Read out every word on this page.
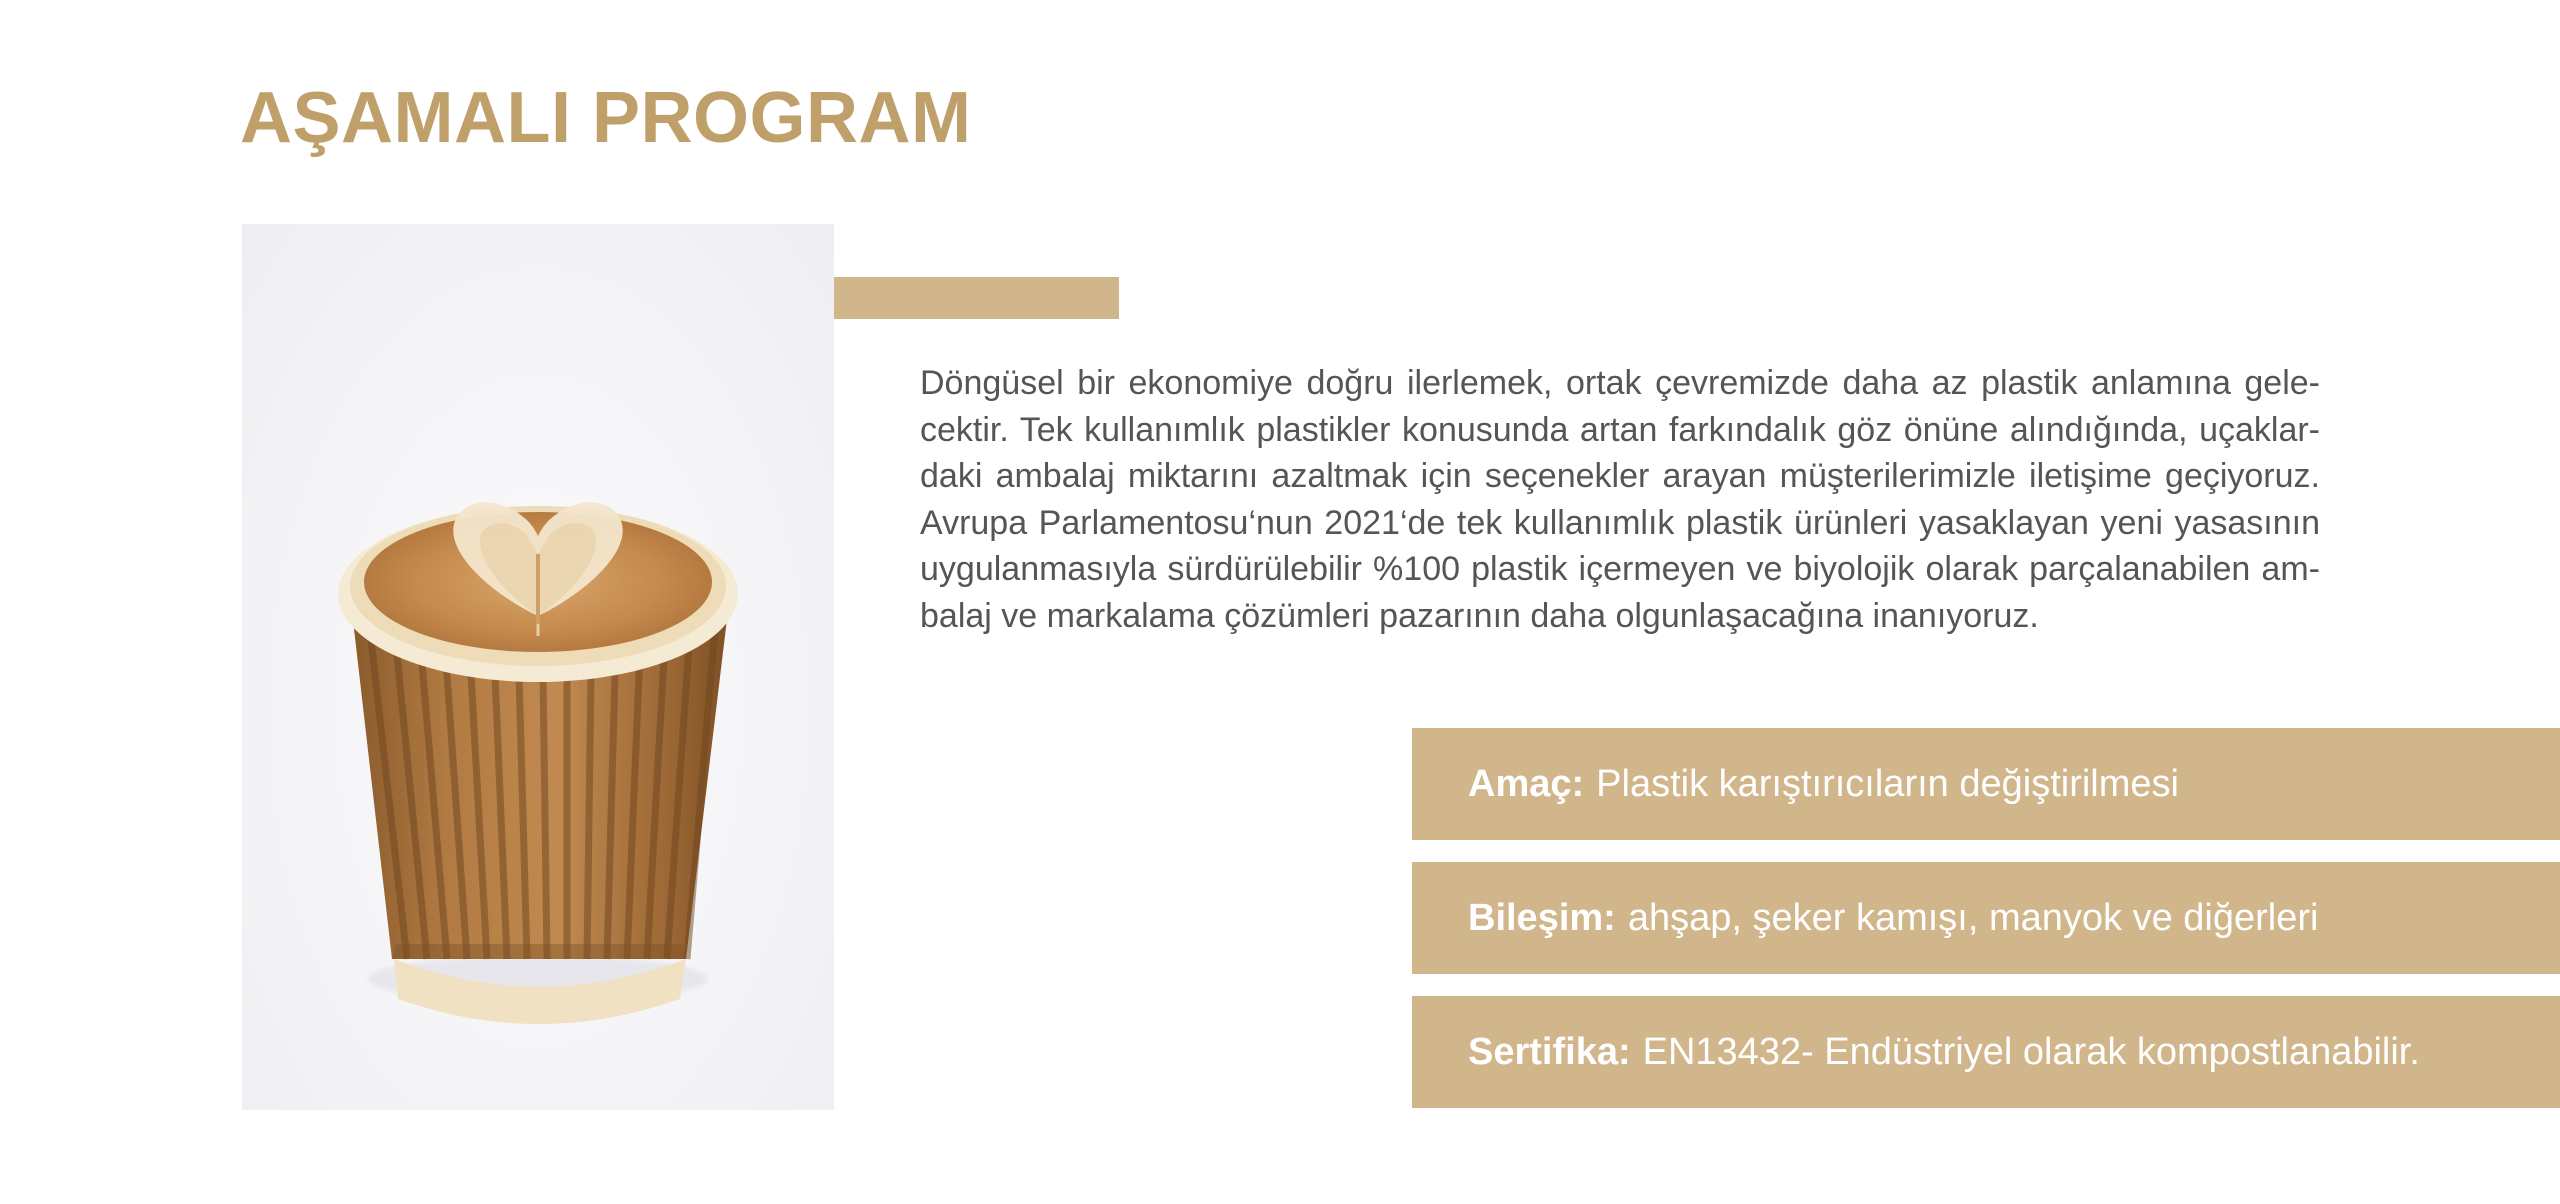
AŞAMALI PROGRAM

Döngüsel bir ekonomiye doğru ilerlemek, ortak çevremizde daha az plastik anlamına gelecektir. Tek kullanımlık plastikler konusunda artan farkındalık göz önüne alındığında, uçaklardaki ambalaj miktarını azaltmak için seçenekler arayan müşterilerimizle iletişime geçiyoruz. Avrupa Parlamentosu‘nun 2021‘de tek kullanımlık plastik ürünleri yasaklayan yeni yasasının uygulanmasıyla sürdürülebilir %100 plastik içermeyen ve biyolojik olarak parçalanabilen ambalaj ve markalama çözümleri pazarının daha olgunlaşacağına inanıyoruz.

Amaç: Plastik karıştırıcıların değiştirilmesi
Bileşim: ahşap, şeker kamışı, manyok ve diğerleri
Sertifika: EN13432- Endüstriyel olarak kompostlanabilir.
